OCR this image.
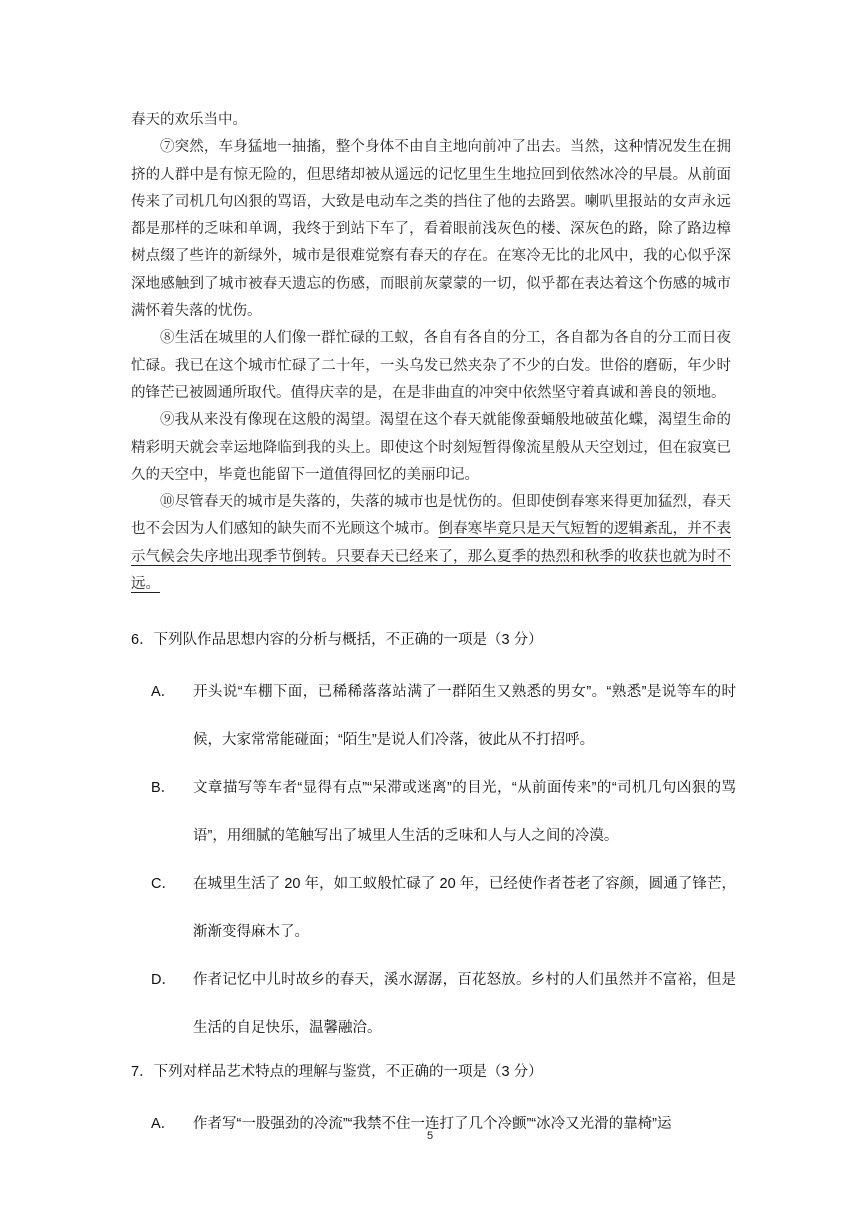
春天的欢乐当中。

⑦突然，车身猛地一抽搐，整个身体不由自主地向前冲了出去。当然，这种情况发生在拥挤的人群中是有惊无险的，但思绪却被从遥远的记忆里生生地拉回到依然冰冷的早晨。从前面传来了司机几句凶狠的骂语，大致是电动车之类的挡住了他的去路罢。喇叭里报站的女声永远都是那样的乏味和单调，我终于到站下车了，看着眼前浅灰色的楼、深灰色的路，除了路边樟树点缀了些许的新绿外，城市是很难觉察有春天的存在。在寒冷无比的北风中，我的心似乎深深地感触到了城市被春天遗忘的伤感，而眼前灰蒙蒙的一切，似乎都在表达着这个伤感的城市满怀着失落的忧伤。

⑧生活在城里的人们像一群忙碌的工蚁，各自有各自的分工，各自都为各自的分工而日夜忙碌。我已在这个城市忙碌了二十年，一头乌发已然夹杂了不少的白发。世俗的磨砺，年少时的锋芒已被圆通所取代。值得庆幸的是，在是非曲直的冲突中依然坚守着真诚和善良的领地。

⑨我从来没有像现在这般的渴望。渴望在这个春天就能像蚕蛹般地破茧化蝶，渴望生命的精彩明天就会幸运地降临到我的头上。即使这个时刻短暂得像流星般从天空划过，但在寂寞已久的天空中，毕竟也能留下一道值得回忆的美丽印记。

⑩尽管春天的城市是失落的，失落的城市也是忧伤的。但即使倒春寒来得更加猛烈，春天也不会因为人们感知的缺失而不光顾这个城市。倒春寒毕竟只是天气短暂的逻辑紊乱，并不表示气候会失序地出现季节倒转。只要春天已经来了，那么夏季的热烈和秋季的收获也就为时不远。

6．下列队作品思想内容的分析与概括，不正确的一项是（3 分）

A．	开头说“车棚下面，已稀稀落落站满了一群陌生又熟悉的男女”。“熟悉”是说等车的时候，大家常常能碰面；“陌生”是说人们冷落，彼此从不打招呼。
B．	文章描写等车者“显得有点”“呆滞或迷离”的目光，“从前面传来”的“司机几句凶狠的骂语”，用细腻的笔触写出了城里人生活的乏味和人与人之间的冷漠。
C．	在城里生活了 20 年，如工蚁般忙碌了 20 年，已经使作者苍老了容颜，圆通了锋芒，渐渐变得麻木了。
D．	作者记忆中儿时故乡的春天，溪水潺潺，百花怒放。乡村的人们虽然并不富裕，但是生活的自足快乐，温馨融洽。

7．下列对样品艺术特点的理解与鉴赏，不正确的一项是（3 分）

A．	作者写“一股强劲的冷流”“我禁不住一连打了几个冷颤”“冰冷又光滑的靠椅”运
5
